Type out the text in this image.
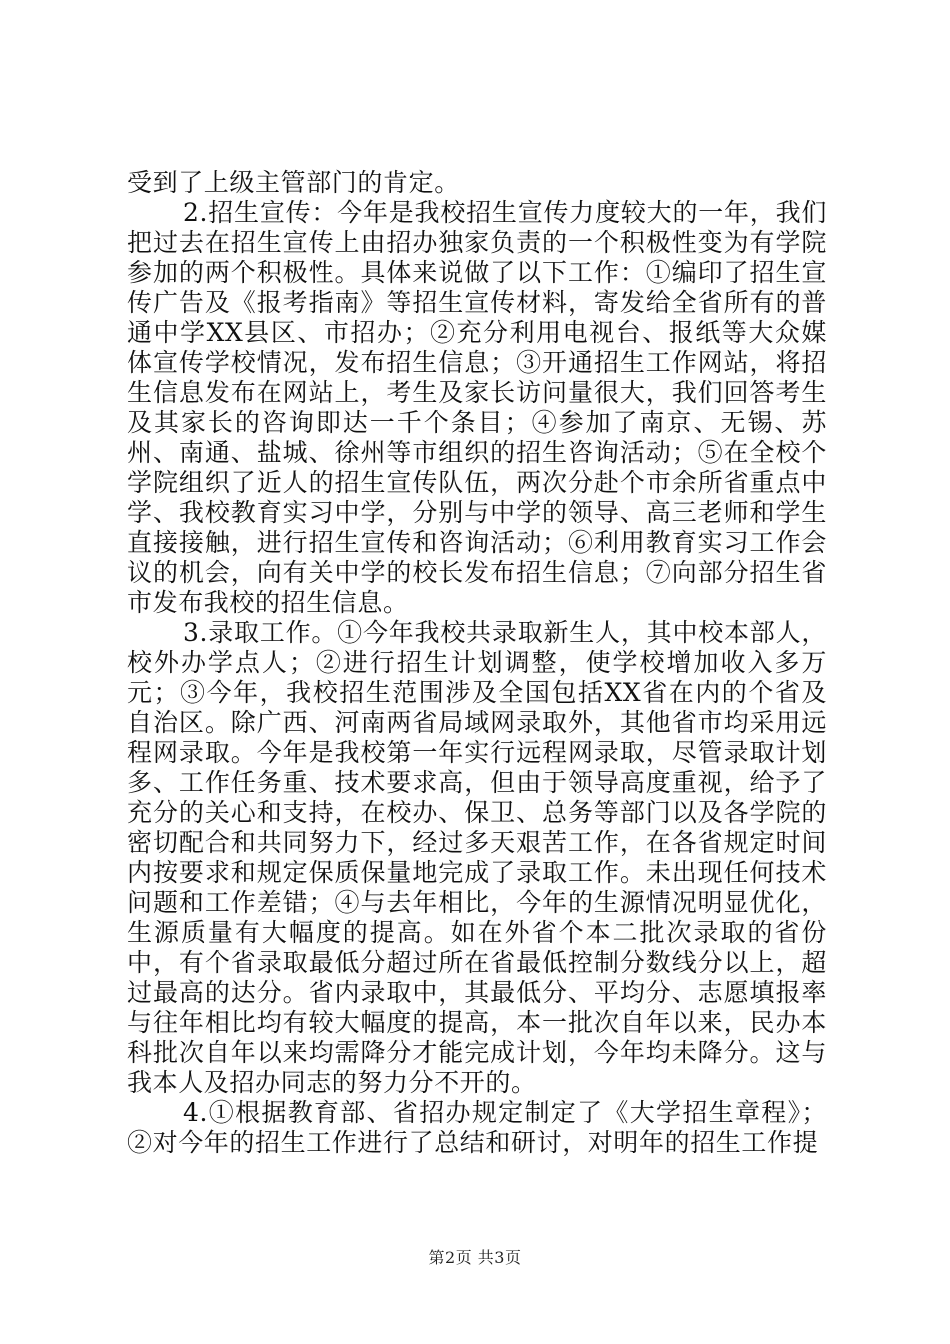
受到了上级主管部门的肯定。

2.招生宣传：今年是我校招生宣传力度较大的一年，我们把过去在招生宣传上由招办独家负责的一个积极性变为有学院参加的两个积极性。具体来说做了以下工作：①编印了招生宣传广告及《报考指南》等招生宣传材料，寄发给全省所有的普通中学XX县区、市招办；②充分利用电视台、报纸等大众媒体宣传学校情况，发布招生信息；③开通招生工作网站，将招生信息发布在网站上，考生及家长访问量很大，我们回答考生及其家长的咨询即达一千个条目；④参加了南京、无锡、苏州、南通、盐城、徐州等市组织的招生咨询活动；⑤在全校个学院组织了近人的招生宣传队伍，两次分赴个市余所省重点中学、我校教育实习中学，分别与中学的领导、高三老师和学生直接接触，进行招生宣传和咨询活动；⑥利用教育实习工作会议的机会，向有关中学的校长发布招生信息；⑦向部分招生省市发布我校的招生信息。

3.录取工作。①今年我校共录取新生人，其中校本部人，校外办学点人；②进行招生计划调整，使学校增加收入多万元；③今年，我校招生范围涉及全国包括XX省在内的个省及自治区。除广西、河南两省局域网录取外，其他省市均采用远程网录取。今年是我校第一年实行远程网录取，尽管录取计划多、工作任务重、技术要求高，但由于领导高度重视，给予了充分的关心和支持，在校办、保卫、总务等部门以及各学院的密切配合和共同努力下，经过多天艰苦工作，在各省规定时间内按要求和规定保质保量地完成了录取工作。未出现任何技术问题和工作差错；④与去年相比，今年的生源情况明显优化，生源质量有大幅度的提高。如在外省个本二批次录取的省份中，有个省录取最低分超过所在省最低控制分数线分以上，超过最高的达分。省内录取中，其最低分、平均分、志愿填报率与往年相比均有较大幅度的提高，本一批次自年以来，民办本科批次自年以来均需降分才能完成计划，今年均未降分。这与我本人及招办同志的努力分不开的。

4.①根据教育部、省招办规定制定了《大学招生章程》；②对今年的招生工作进行了总结和研讨，对明年的招生工作提

第2页 共3页
